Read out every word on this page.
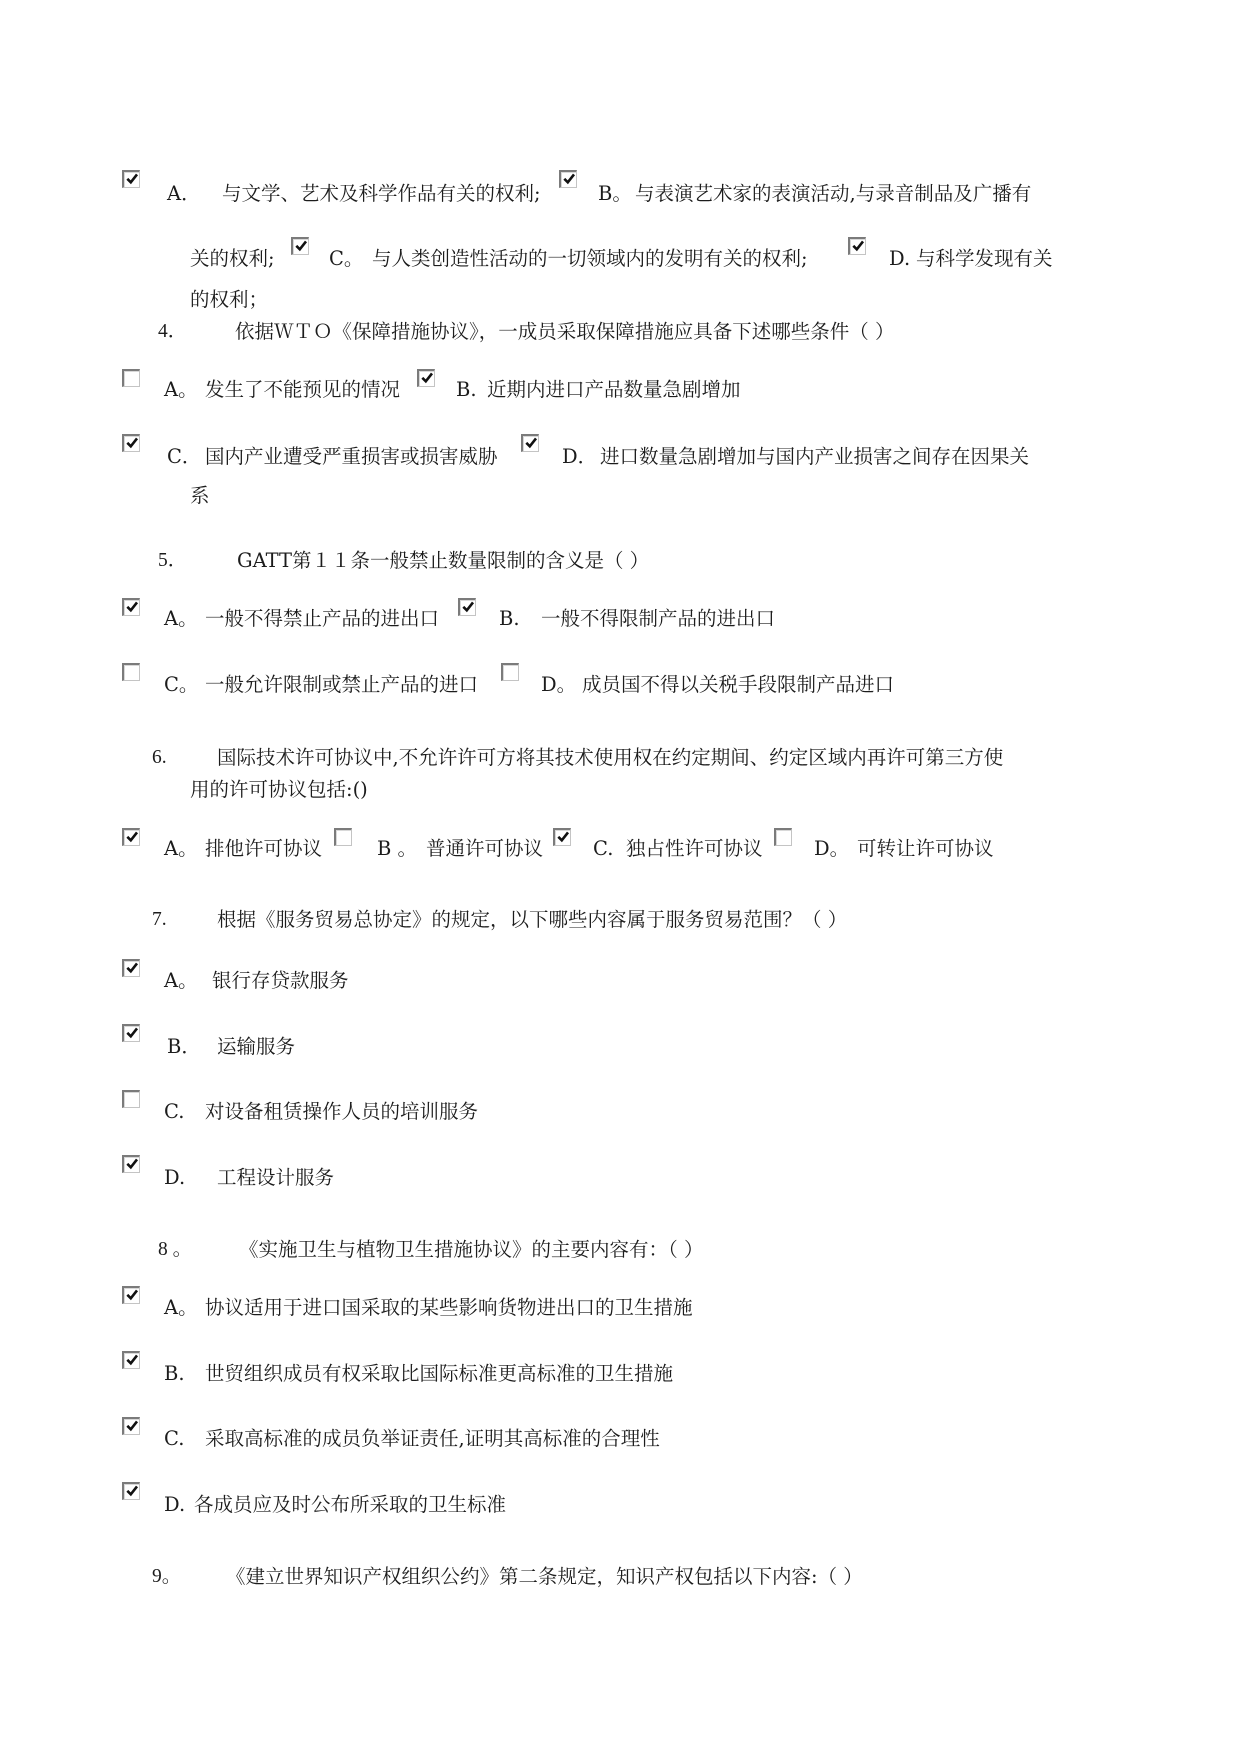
A． 与文学、艺术及科学作品有关的权利;	B。 与表演艺术家的表演活动,与录音制品及广播有
关的权利;	C。 与人类创造性活动的一切领域内的发明有关的权利;	D. 与科学发现有关
的权利；
4． 依据ＷＴＯ《保障措施协议》，一成员采取保障措施应具备下述哪些条件（ ）
A。 发生了不能预见的情况	B. 近期内进口产品数量急剧增加
C． 国内产业遭受严重损害或损害威胁	D． 进口数量急剧增加与国内产业损害之间存在因果关
系
5．	GATT第１１条一般禁止数量限制的含义是（ ）
A。 一般不得禁止产品的进出口	B. 一般不得限制产品的进出口
C。 一般允许限制或禁止产品的进口	D。 成员国不得以关税手段限制产品进口
6.	国际技术许可协议中,不允许许可方将其技术使用权在约定期间、约定区域内再许可第三方使
用的许可协议包括:()
A。 排他许可协议	B 。 普通许可协议	C. 独占性许可协议	D。 可转让许可协议
7.	根据《服务贸易总协定》的规定，以下哪些内容属于服务贸易范围？（ ）
A。 银行存贷款服务
B． 运输服务
C. 对设备租赁操作人员的培训服务
D. 工程设计服务
8 。 《实施卫生与植物卫生措施协议》的主要内容有：（ ）
A。 协议适用于进口国采取的某些影响货物进出口的卫生措施
B. 世贸组织成员有权采取比国际标准更高标准的卫生措施
C. 采取高标准的成员负举证责任,证明其高标准的合理性
D. 各成员应及时公布所采取的卫生标准
9。 《建立世界知识产权组织公约》第二条规定，知识产权包括以下内容:（ ）
